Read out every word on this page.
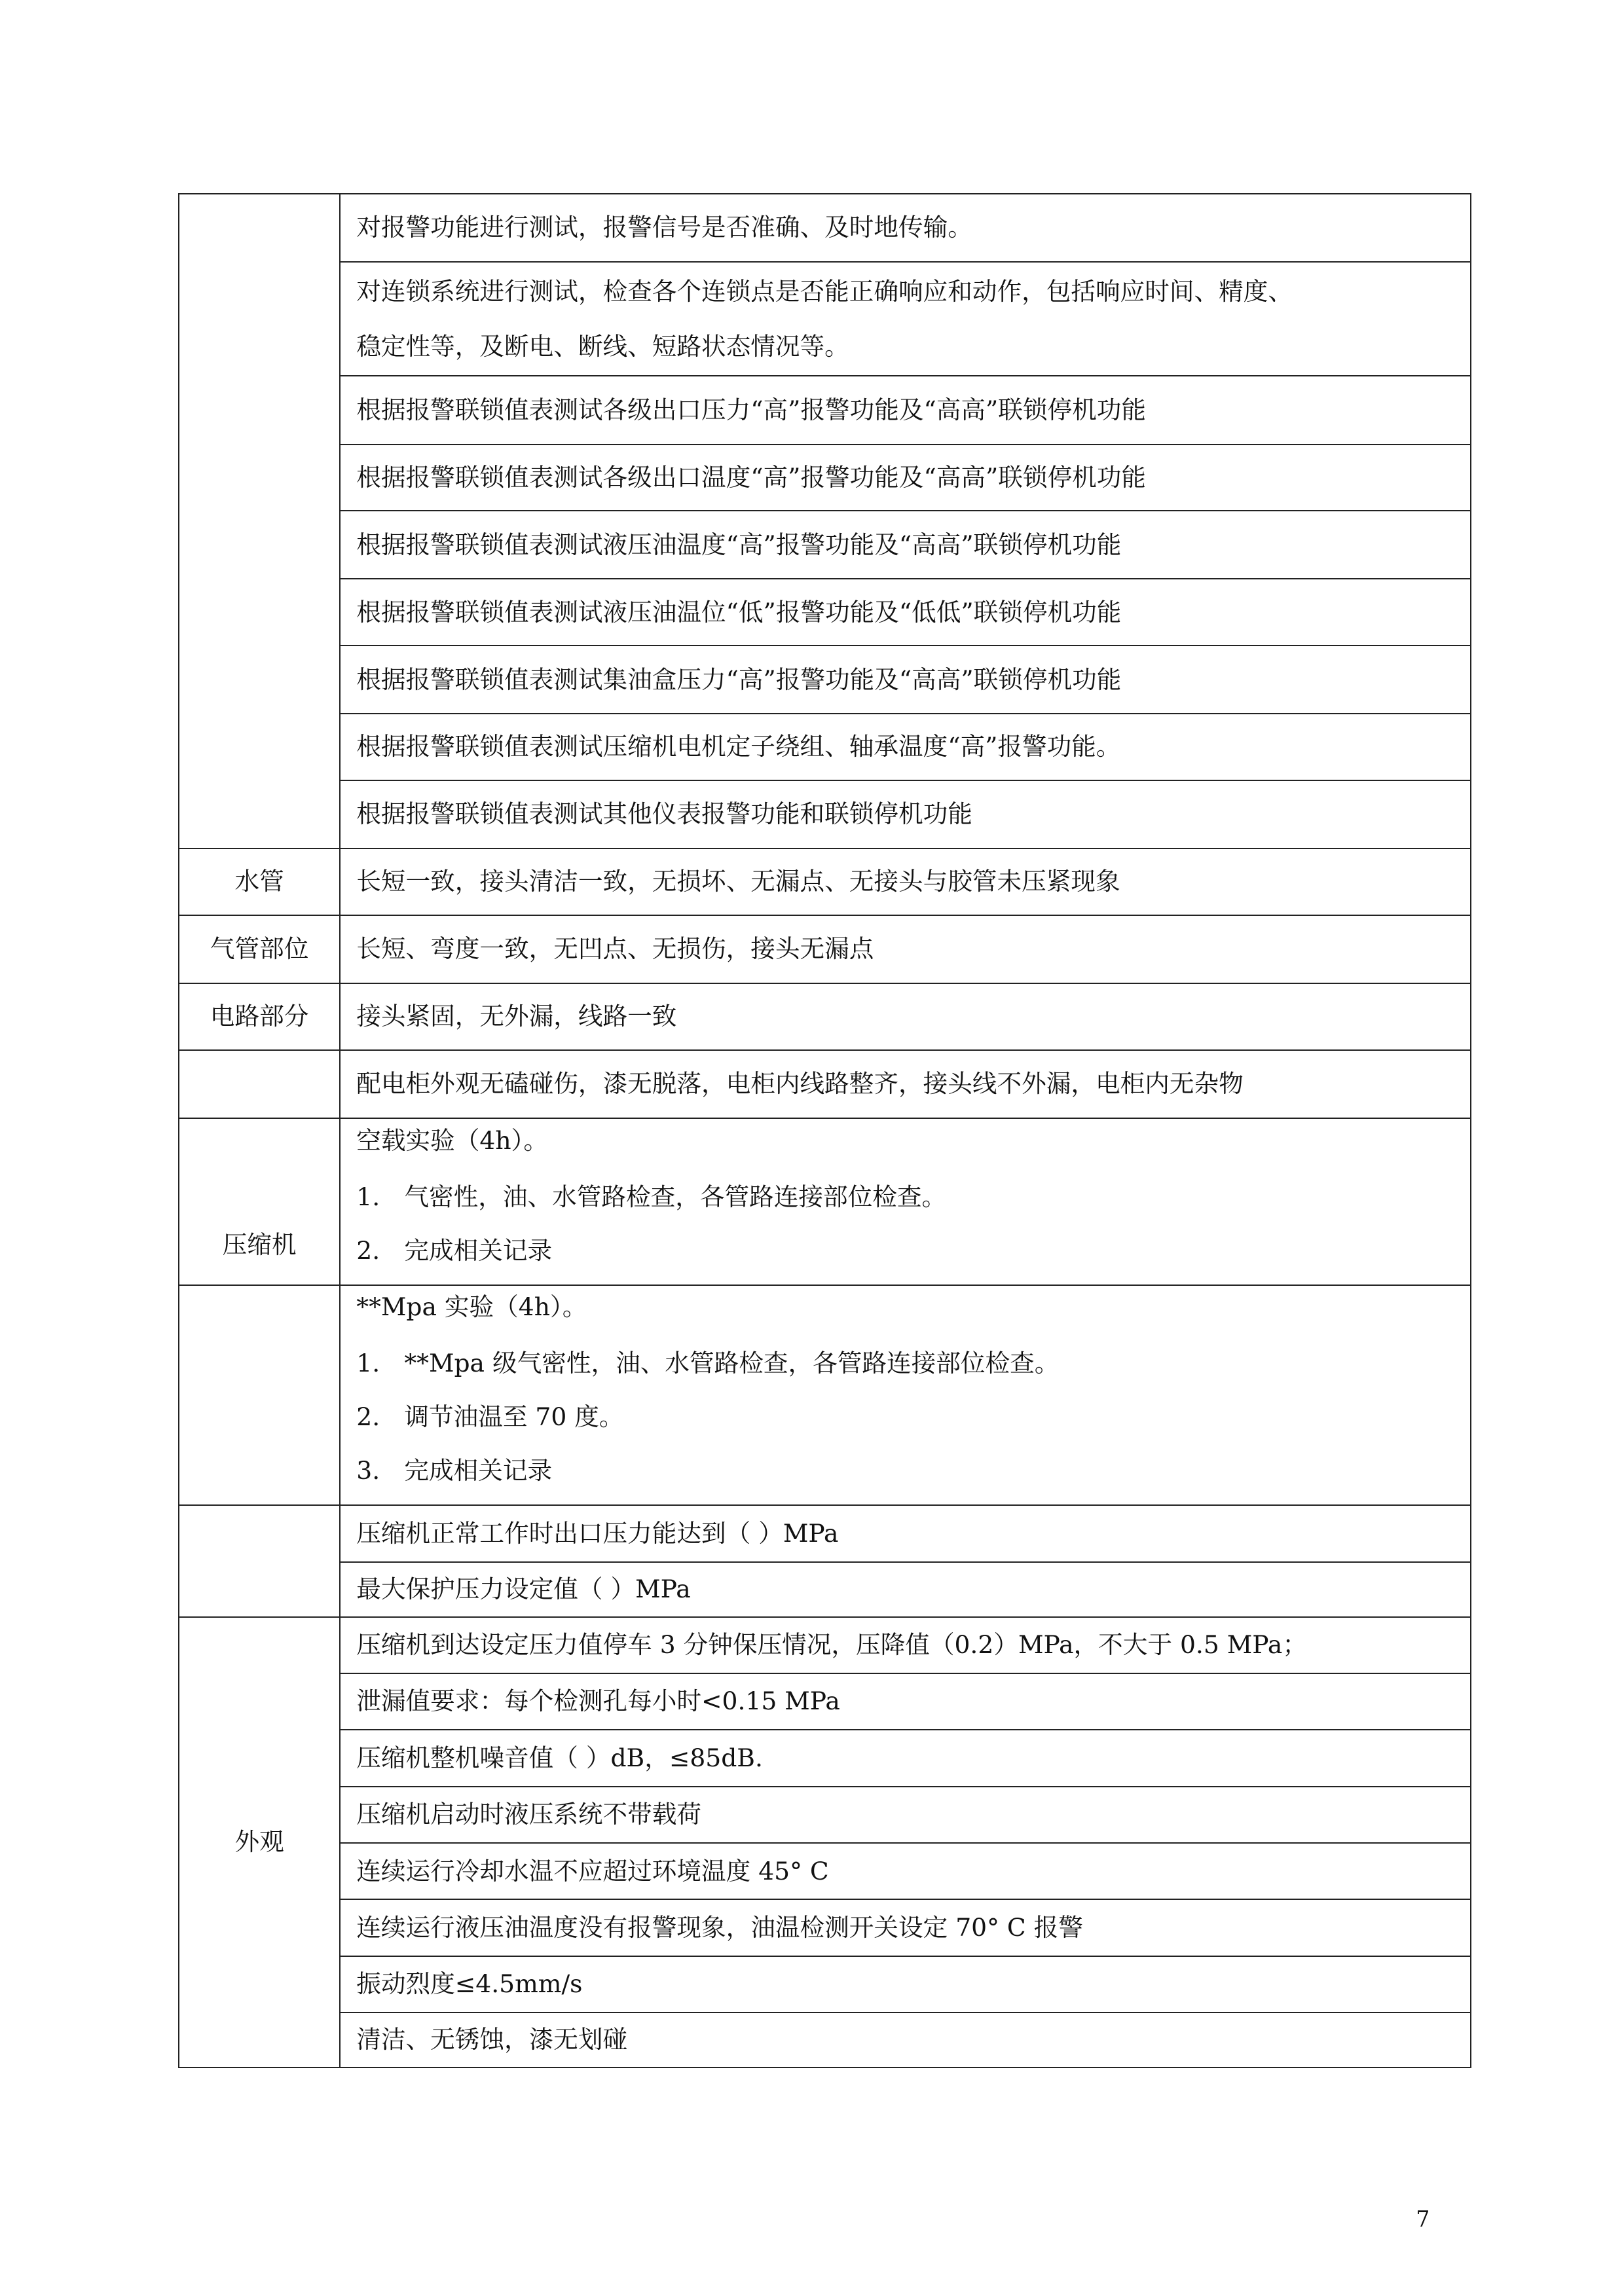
	对报警功能进行测试，报警信号是否准确、及时地传输。

	对连锁系统进行测试，检查各个连锁点是否能正确响应和动作，包括响应时间、精度、
稳定性等，及断电、断线、短路状态情况等。

	根据报警联锁值表测试各级出口压力“高”报警功能及“高高”联锁停机功能
	根据报警联锁值表测试各级出口温度“高”报警功能及“高高”联锁停机功能
	根据报警联锁值表测试液压油温度“高”报警功能及“高高”联锁停机功能
	根据报警联锁值表测试液压油温位“低”报警功能及“低低”联锁停机功能
	根据报警联锁值表测试集油盒压力“高”报警功能及“高高”联锁停机功能
	根据报警联锁值表测试压缩机电机定子绕组、轴承温度“高”报警功能。
	根据报警联锁值表测试其他仪表报警功能和联锁停机功能
水管	长短一致，接头清洁一致，无损坏、无漏点、无接头与胶管未压紧现象
气管部位	长短、弯度一致，无凹点、无损伤，接头无漏点
电路部分	接头紧固，无外漏，线路一致
	配电柜外观无磕碰伤，漆无脱落，电柜内线路整齐，接头线不外漏，电柜内无杂物
压缩机	空载实验（4h）。
1. 气密性，油、水管路检查，各管路连接部位检查。
2. 完成相关记录

	**Mpa 实验（4h）。
1. **Mpa 级气密性，油、水管路检查，各管路连接部位检查。
2. 调节油温至 70 度。
3. 完成相关记录

	压缩机正常工作时出口压力能达到（ ）MPa
	最大保护压力设定值（ ）MPa
外观	压缩机到达设定压力值停车 3 分钟保压情况，压降值（0.2）MPa，不大于 0.5 MPa；
	泄漏值要求：每个检测孔每小时<0.15 MPa
	压缩机整机噪音值（ ）dB，≤85dB.
	压缩机启动时液压系统不带载荷
	连续运行冷却水温不应超过环境温度 45° C
	连续运行液压油温度没有报警现象，油温检测开关设定 70° C 报警
	振动烈度≤4.5mm/s
	清洁、无锈蚀，漆无划碰
7
